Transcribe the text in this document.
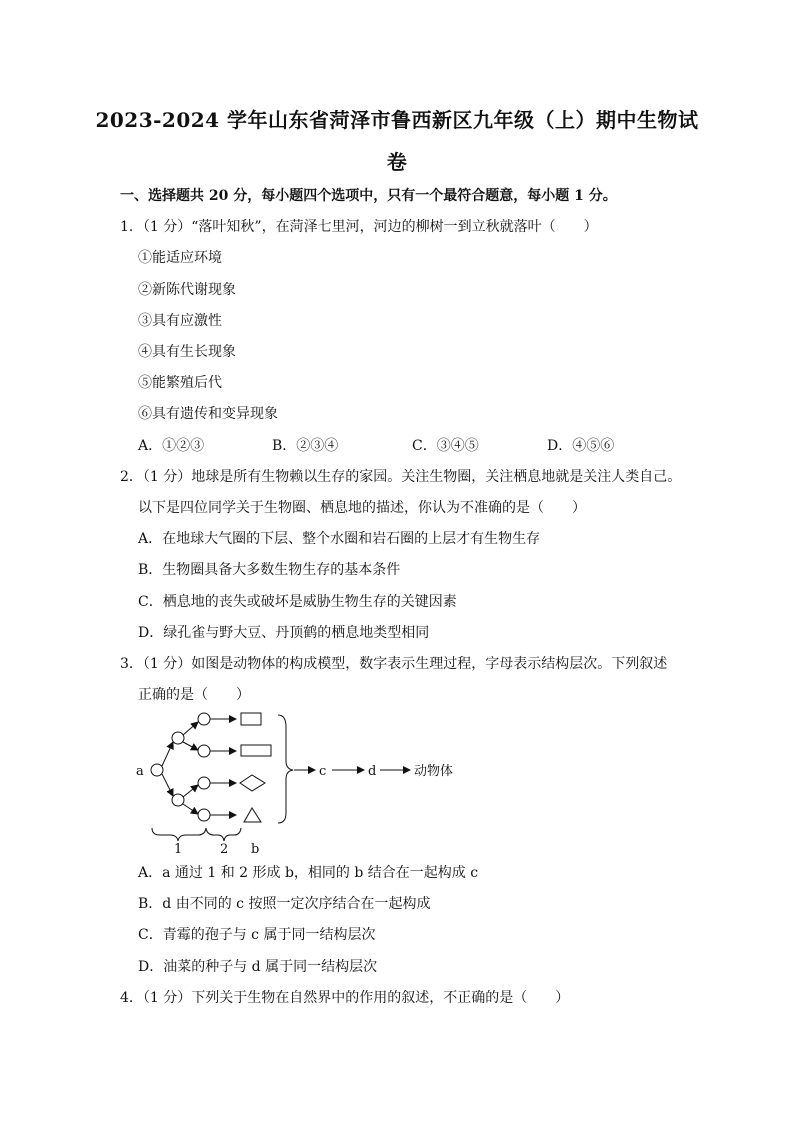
2023-2024 学年山东省菏泽市鲁西新区九年级（上）期中生物试
卷
一、选择题共 20 分，每小题四个选项中，只有一个最符合题意，每小题 1 分。
1．（1 分）“落叶知秋”，在菏泽七里河，河边的柳树一到立秋就落叶（　　）
①能适应环境
②新陈代谢现象
③具有应激性
④具有生长现象
⑤能繁殖后代
⑥具有遗传和变异现象
A．①②③	B．②③④	C．③④⑤	D．④⑤⑥
2．（1 分）地球是所有生物赖以生存的家园。关注生物圈，关注栖息地就是关注人类自己。
以下是四位同学关于生物圈、栖息地的描述，你认为不准确的是（　　）
A．在地球大气圈的下层、整个水圈和岩石圈的上层才有生物生存
B．生物圈具备大多数生物生存的基本条件
C．栖息地的丧失或破坏是威胁生物生存的关键因素
D．绿孔雀与野大豆、丹顶鹤的栖息地类型相同
3．（1 分）如图是动物体的构成模型，数字表示生理过程，字母表示结构层次。下列叙述
正确的是（　　）
a	c	d	动物体
1	2 b
A．a 通过 1 和 2 形成 b，相同的 b 结合在一起构成 c
B．d 由不同的 c 按照一定次序结合在一起构成
C．青霉的孢子与 c 属于同一结构层次
D．油菜的种子与 d 属于同一结构层次
4．（1 分）下列关于生物在自然界中的作用的叙述，不正确的是（　　）
